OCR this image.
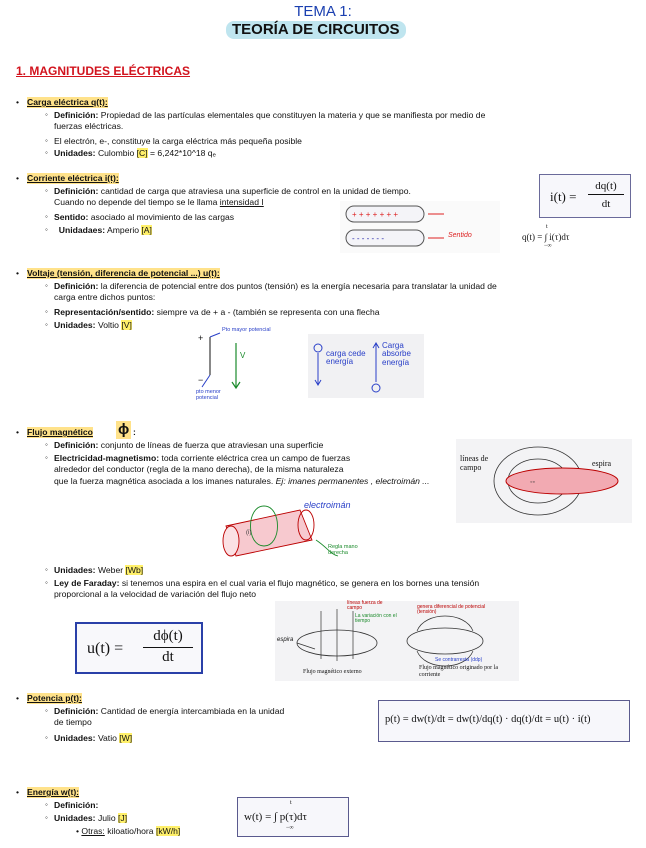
TEMA 1:
TEORÍA DE CIRCUITOS
1. MAGNITUDES ELÉCTRICAS
• Carga eléctrica q(t):
◦ Definición: Propiedad de las partículas elementales que constituyen la materia y que se manifiesta por medio de
fuerzas eléctricas.
◦ El electrón, e-, constituye la carga eléctrica más pequeña posible
◦ Unidades: Culombio [C] = 6,242*10^18 qₑ
• Corriente eléctrica i(t):
◦ Definición: cantidad de carga que atraviesa una superficie de control en la unidad de tiempo.
Cuando no depende del tiempo se le llama intensidad I
◦ Sentido: asociado al movimiento de las cargas
◦ Unidadaes: Amperio [A]
+ + + + + + +
- - - - - - -	Sentido
i(t) =
dq(t)
dt
q(t) = ∫ i(τ)dτ
t
−∞
• Voltaje (tensión, diferencia de potencial ...) u(t):
◦ Definición: la diferencia de potencial entre dos puntos (tensión) es la energía necesaria para translatar la unidad de
carga entre dichos puntos:
◦ Representación/sentido: siempre va de + a - (también se representa con una flecha
◦ Unidades: Voltio [V]
+
−
Pto mayor potencial
V
pto menor potencial
carga cede energía
Carga absorbe energía
• Flujo magnético ϕ :
◦ Definición: conjunto de líneas de fuerza que atraviesan una superficie
◦ Electricidad-magnetismo: toda corriente eléctrica crea un campo de fuerzas
alrededor del conductor (regla de la mano derecha), de la misma naturaleza
que la fuerza magnética asociada a los imanes naturales. Ej: imanes permanentes , electroimán ...	◦◦
líneas de campo	espira
(i)
electroimán
Regla mano derecha
◦ Unidades: Weber [Wb]
◦ Ley de Faraday: si tenemos una espira en el cual varia el flujo magnético, se genera en los bornes una tensión
proporcional a la velocidad de variación del flujo neto
u(t) =
dϕ(t)
dt
espira
líneas fuerza de campo
La variación con el tiempo
genera diferencial de potencial (tensión)
Se contrarresta (ddp)
Flujo magnético externo
Flujo magnético originado por la corriente
• Potencia p(t):
◦ Definición: Cantidad de energía intercambiada en la unidad
de tiempo
◦ Unidades: Vatio [W]
p(t) = dw(t)/dt = dw(t)/dq(t) · dq(t)/dt = u(t) · i(t)
• Energía w(t):
◦ Definición:
◦ Unidades: Julio [J]
• Otras: kiloatio/hora [kW/h]
w(t) = ∫ p(τ)dτ
t
−∞
